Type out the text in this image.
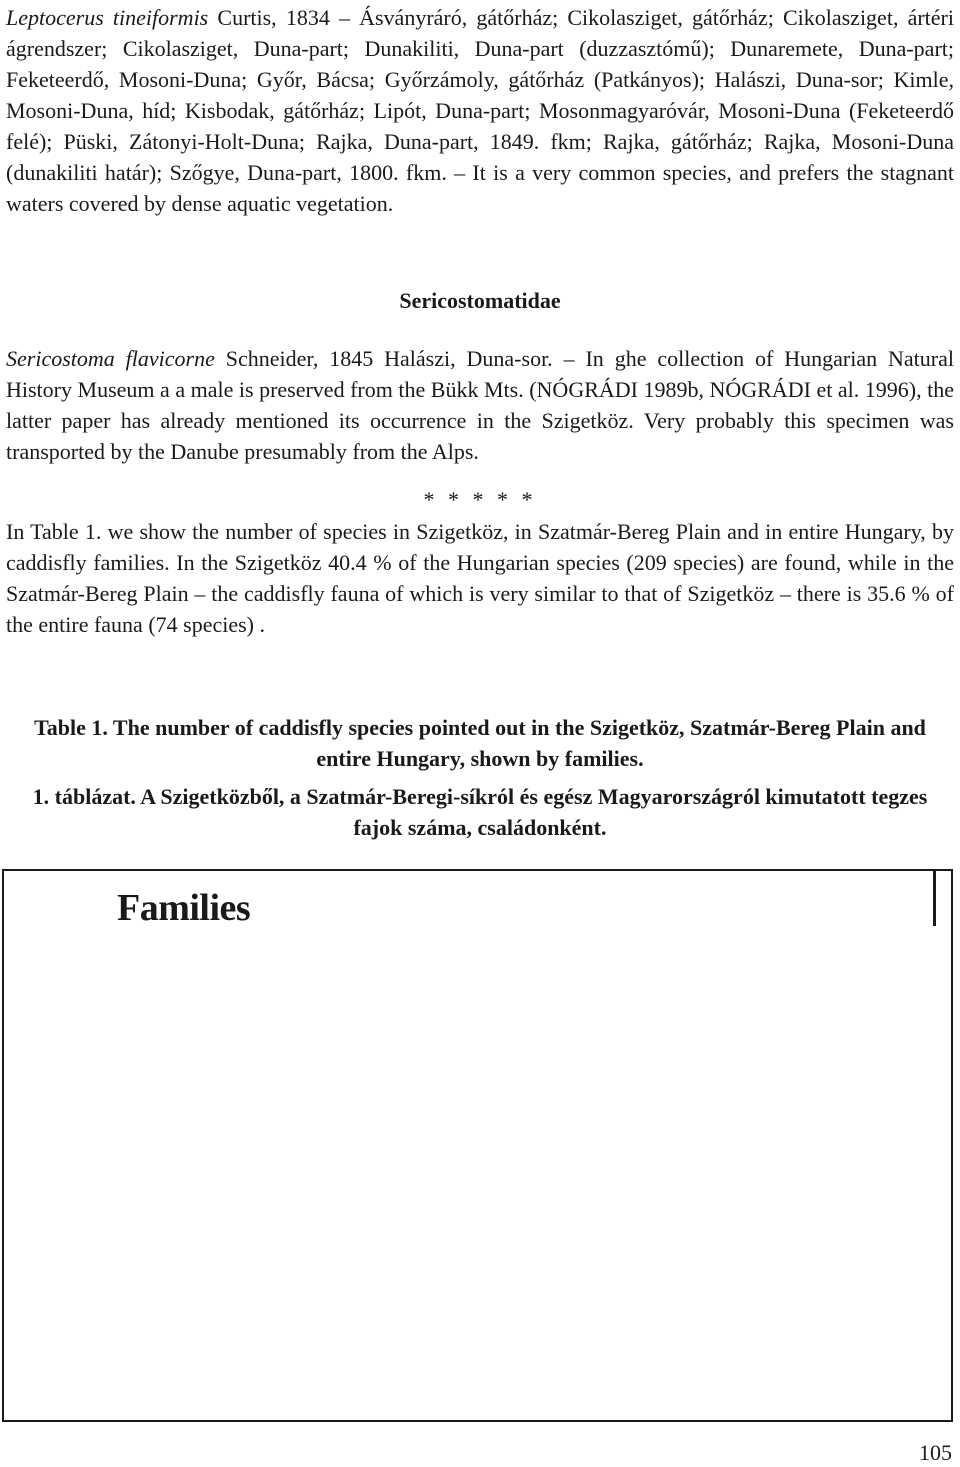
Leptocerus tineiformis Curtis, 1834 – Ásványráró, gátőrház; Cikolasziget, gátőrház; Cikolasziget, ártéri ágrendszer; Cikolasziget, Duna-part; Dunakiliti, Duna-part (duzzasztómű); Dunaremete, Duna-part; Feketeerdő, Mosoni-Duna; Győr, Bácsa; Győrzámoly, gátőrház (Patkányos); Halászi, Duna-sor; Kimle, Mosoni-Duna, híd; Kisbodak, gátőrház; Lipót, Duna-part; Mosonmagyaróvár, Mosoni-Duna (Feketeerdő felé); Püski, Zátonyi-Holt-Duna; Rajka, Duna-part, 1849. fkm; Rajka, gátőrház; Rajka, Mosoni-Duna (dunakiliti határ); Szőgye, Duna-part, 1800. fkm. – It is a very common species, and prefers the stagnant waters covered by dense aquatic vegetation.

Sericostomatidae

Sericostoma flavicorne Schneider, 1845 Halászi, Duna-sor. – In ghe collection of Hungarian Natural History Museum a a male is preserved from the Bükk Mts. (NÓGRÁDI 1989b, NÓGRÁDI et al. 1996), the latter paper has already mentioned its occurrence in the Szigetköz. Very probably this specimen was transported by the Danube presumably from the Alps.

* * * * *

In Table 1. we show the number of species in Szigetköz, in Szatmár-Bereg Plain and in entire Hungary, by caddisfly families. In the Szigetköz 40.4 % of the Hungarian species (209 species) are found, while in the Szatmár-Bereg Plain – the caddisfly fauna of which is very similar to that of Szigetköz – there is 35.6 % of the entire fauna (74 species) .

Table 1. The number of caddisfly species pointed out in the Szigetköz, Szatmár-Bereg Plain and entire Hungary, shown by families.

1. táblázat. A Szigetközből, a Szatmár-Beregi-síkról és egész Magyarországról kimutatott tegzes fajok száma, családonként.

Families
105
